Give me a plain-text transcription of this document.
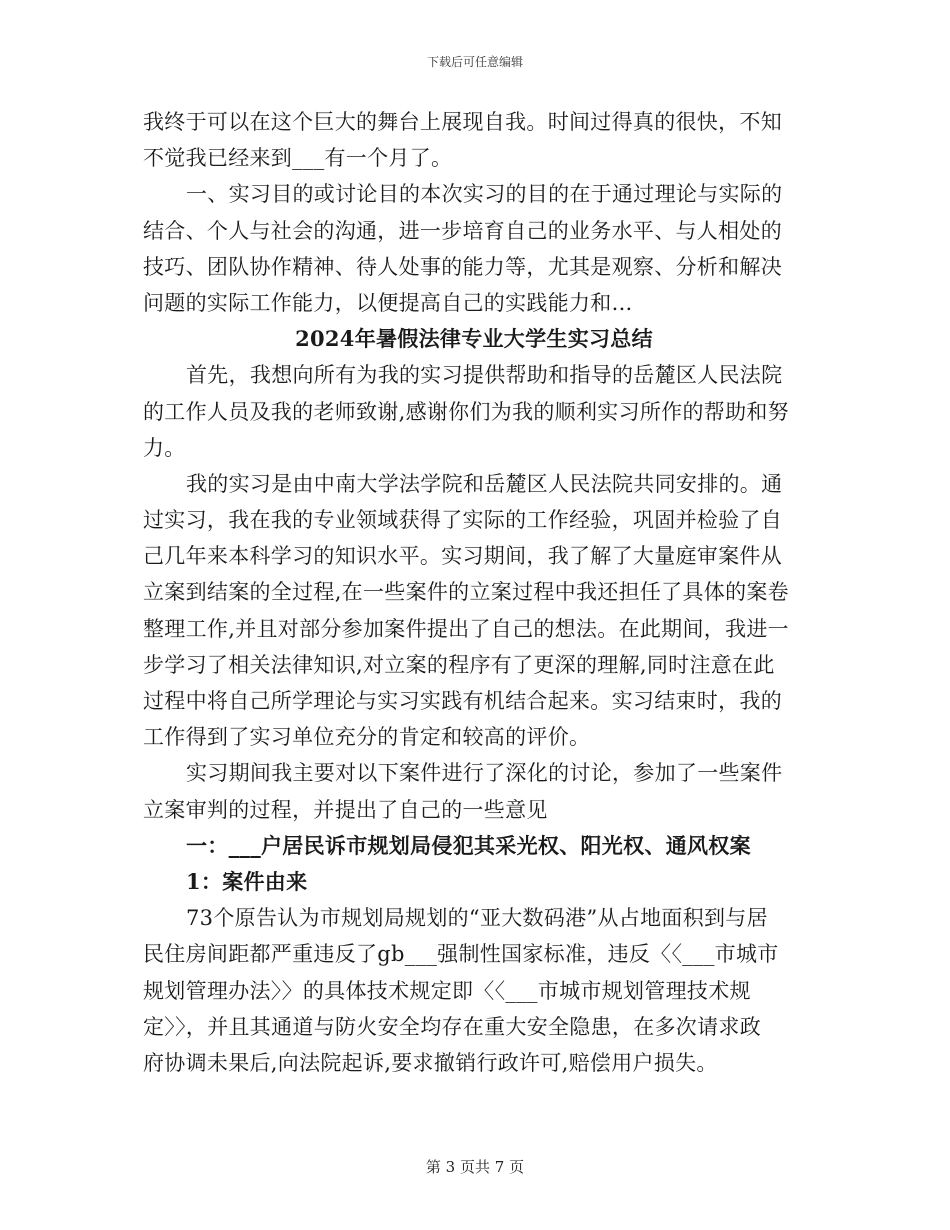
下载后可任意编辑
我终于可以在这个巨大的舞台上展现自我。时间过得真的很快，不知
不觉我已经来到___有一个月了。
一、实习目的或讨论目的本次实习的目的在于通过理论与实际的
结合、个人与社会的沟通，进一步培育自己的业务水平、与人相处的
技巧、团队协作精神、待人处事的能力等，尤其是观察、分析和解决
问题的实际工作能力，以便提高自己的实践能力和...
2024年暑假法律专业大学生实习总结
首先，我想向所有为我的实习提供帮助和指导的岳麓区人民法院
的工作人员及我的老师致谢,感谢你们为我的顺利实习所作的帮助和努
力。
我的实习是由中南大学法学院和岳麓区人民法院共同安排的。通
过实习，我在我的专业领域获得了实际的工作经验，巩固并检验了自
己几年来本科学习的知识水平。实习期间，我了解了大量庭审案件从
立案到结案的全过程,在一些案件的立案过程中我还担任了具体的案卷
整理工作,并且对部分参加案件提出了自己的想法。在此期间，我进一
步学习了相关法律知识,对立案的程序有了更深的理解,同时注意在此
过程中将自己所学理论与实习实践有机结合起来。实习结束时，我的
工作得到了实习单位充分的肯定和较高的评价。
实习期间我主要对以下案件进行了深化的讨论，参加了一些案件
立案审判的过程，并提出了自己的一些意见
一：___户居民诉市规划局侵犯其采光权、阳光权、通风权案
1：案件由来
73个原告认为市规划局规划的“亚大数码港”从占地面积到与居
民住房间距都严重违反了gb___强制性国家标准，违反〈〈___市城市
规划管理办法〉〉的具体技术规定即〈〈___市城市规划管理技术规
定〉〉，并且其通道与防火安全均存在重大安全隐患，在多次请求政
府协调未果后,向法院起诉,要求撤销行政许可,赔偿用户损失。
第 3 页共 7 页
